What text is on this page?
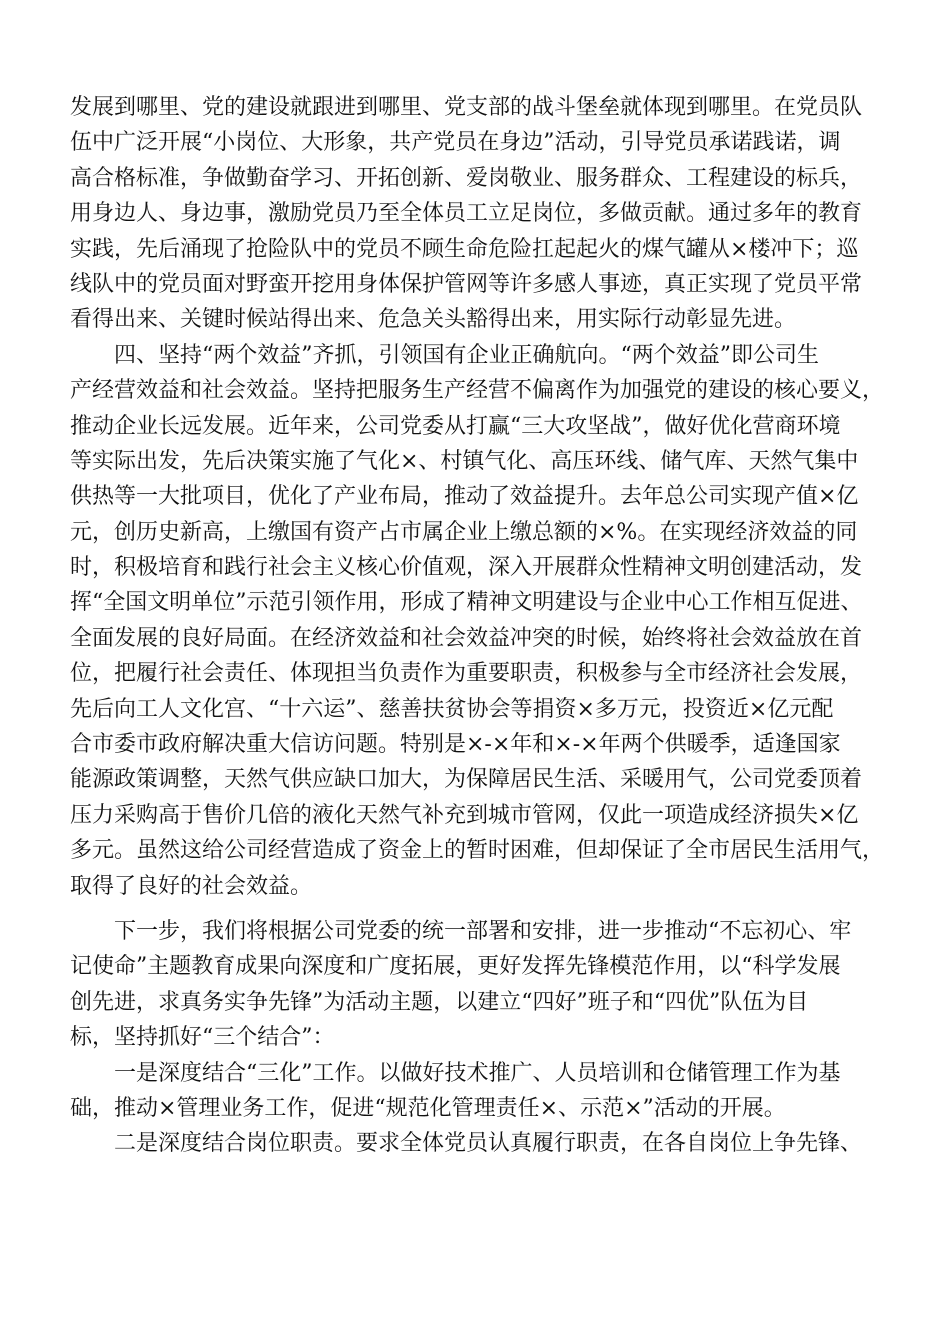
发展到哪里、党的建设就跟进到哪里、党支部的战斗堡垒就体现到哪里。在党员队
伍中广泛开展“小岗位、大形象，共产党员在身边”活动，引导党员承诺践诺，调
高合格标准，争做勤奋学习、开拓创新、爱岗敬业、服务群众、工程建设的标兵，
用身边人、身边事，激励党员乃至全体员工立足岗位，多做贡献。通过多年的教育
实践，先后涌现了抢险队中的党员不顾生命危险扛起起火的煤气罐从×楼冲下；巡
线队中的党员面对野蛮开挖用身体保护管网等许多感人事迹，真正实现了党员平常
看得出来、关键时候站得出来、危急关头豁得出来，用实际行动彰显先进。
　　四、坚持“两个效益”齐抓，引领国有企业正确航向。“两个效益”即公司生
产经营效益和社会效益。坚持把服务生产经营不偏离作为加强党的建设的核心要义，
推动企业长远发展。近年来，公司党委从打赢“三大攻坚战”，做好优化营商环境
等实际出发，先后决策实施了气化×、村镇气化、高压环线、储气库、天然气集中
供热等一大批项目，优化了产业布局，推动了效益提升。去年总公司实现产值×亿
元，创历史新高，上缴国有资产占市属企业上缴总额的×%。在实现经济效益的同
时，积极培育和践行社会主义核心价值观，深入开展群众性精神文明创建活动，发
挥“全国文明单位”示范引领作用，形成了精神文明建设与企业中心工作相互促进、
全面发展的良好局面。在经济效益和社会效益冲突的时候，始终将社会效益放在首
位，把履行社会责任、体现担当负责作为重要职责，积极参与全市经济社会发展，
先后向工人文化宫、“十六运”、慈善扶贫协会等捐资×多万元，投资近×亿元配
合市委市政府解决重大信访问题。特别是×-×年和×-×年两个供暖季，适逢国家
能源政策调整，天然气供应缺口加大，为保障居民生活、采暖用气，公司党委顶着
压力采购高于售价几倍的液化天然气补充到城市管网，仅此一项造成经济损失×亿
多元。虽然这给公司经营造成了资金上的暂时困难，但却保证了全市居民生活用气，
取得了良好的社会效益。
　　下一步，我们将根据公司党委的统一部署和安排，进一步推动“不忘初心、牢
记使命”主题教育成果向深度和广度拓展，更好发挥先锋模范作用，以“科学发展
创先进，求真务实争先锋”为活动主题，以建立“四好”班子和“四优”队伍为目
标，坚持抓好“三个结合”：
　　一是深度结合“三化”工作。以做好技术推广、人员培训和仓储管理工作为基
础，推动×管理业务工作，促进“规范化管理责任×、示范×”活动的开展。
　　二是深度结合岗位职责。要求全体党员认真履行职责，在各自岗位上争先锋、
